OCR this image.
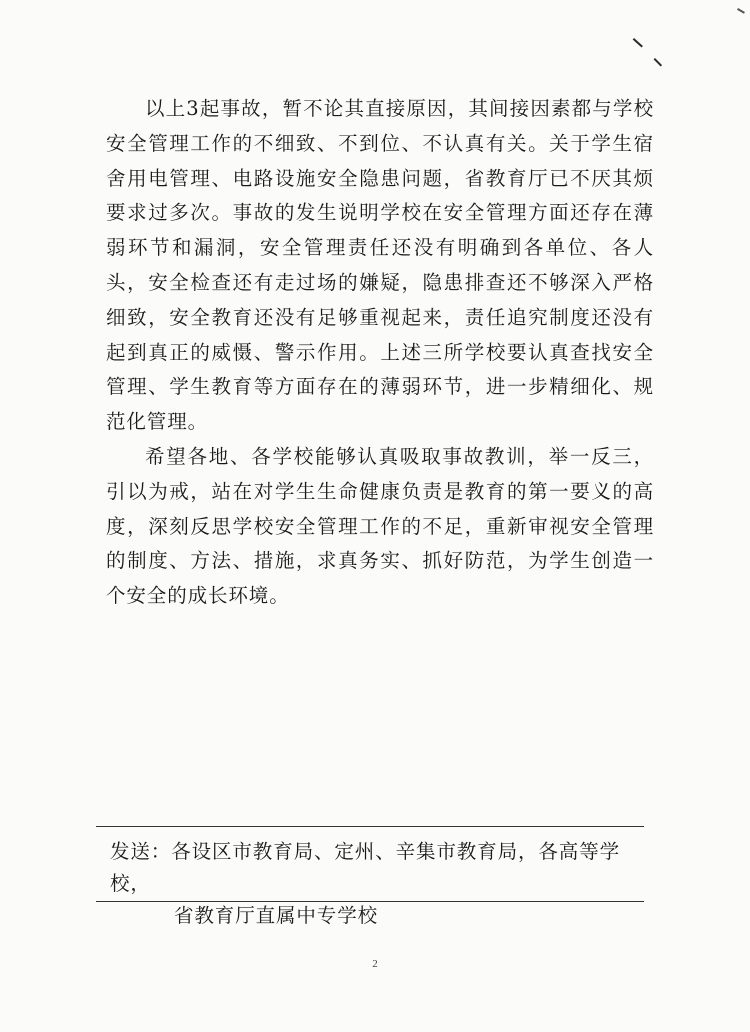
以上3起事故，暂不论其直接原因，其间接因素都与学校安全管理工作的不细致、不到位、不认真有关。关于学生宿舍用电管理、电路设施安全隐患问题，省教育厅已不厌其烦要求过多次。事故的发生说明学校在安全管理方面还存在薄弱环节和漏洞，安全管理责任还没有明确到各单位、各人头，安全检查还有走过场的嫌疑，隐患排查还不够深入严格细致，安全教育还没有足够重视起来，责任追究制度还没有起到真正的威慑、警示作用。上述三所学校要认真查找安全管理、学生教育等方面存在的薄弱环节，进一步精细化、规范化管理。

希望各地、各学校能够认真吸取事故教训，举一反三，引以为戒，站在对学生生命健康负责是教育的第一要义的高度，深刻反思学校安全管理工作的不足，重新审视安全管理的制度、方法、措施，求真务实、抓好防范，为学生创造一个安全的成长环境。

发送：各设区市教育局、定州、辛集市教育局，各高等学校，
省教育厅直属中专学校
2
